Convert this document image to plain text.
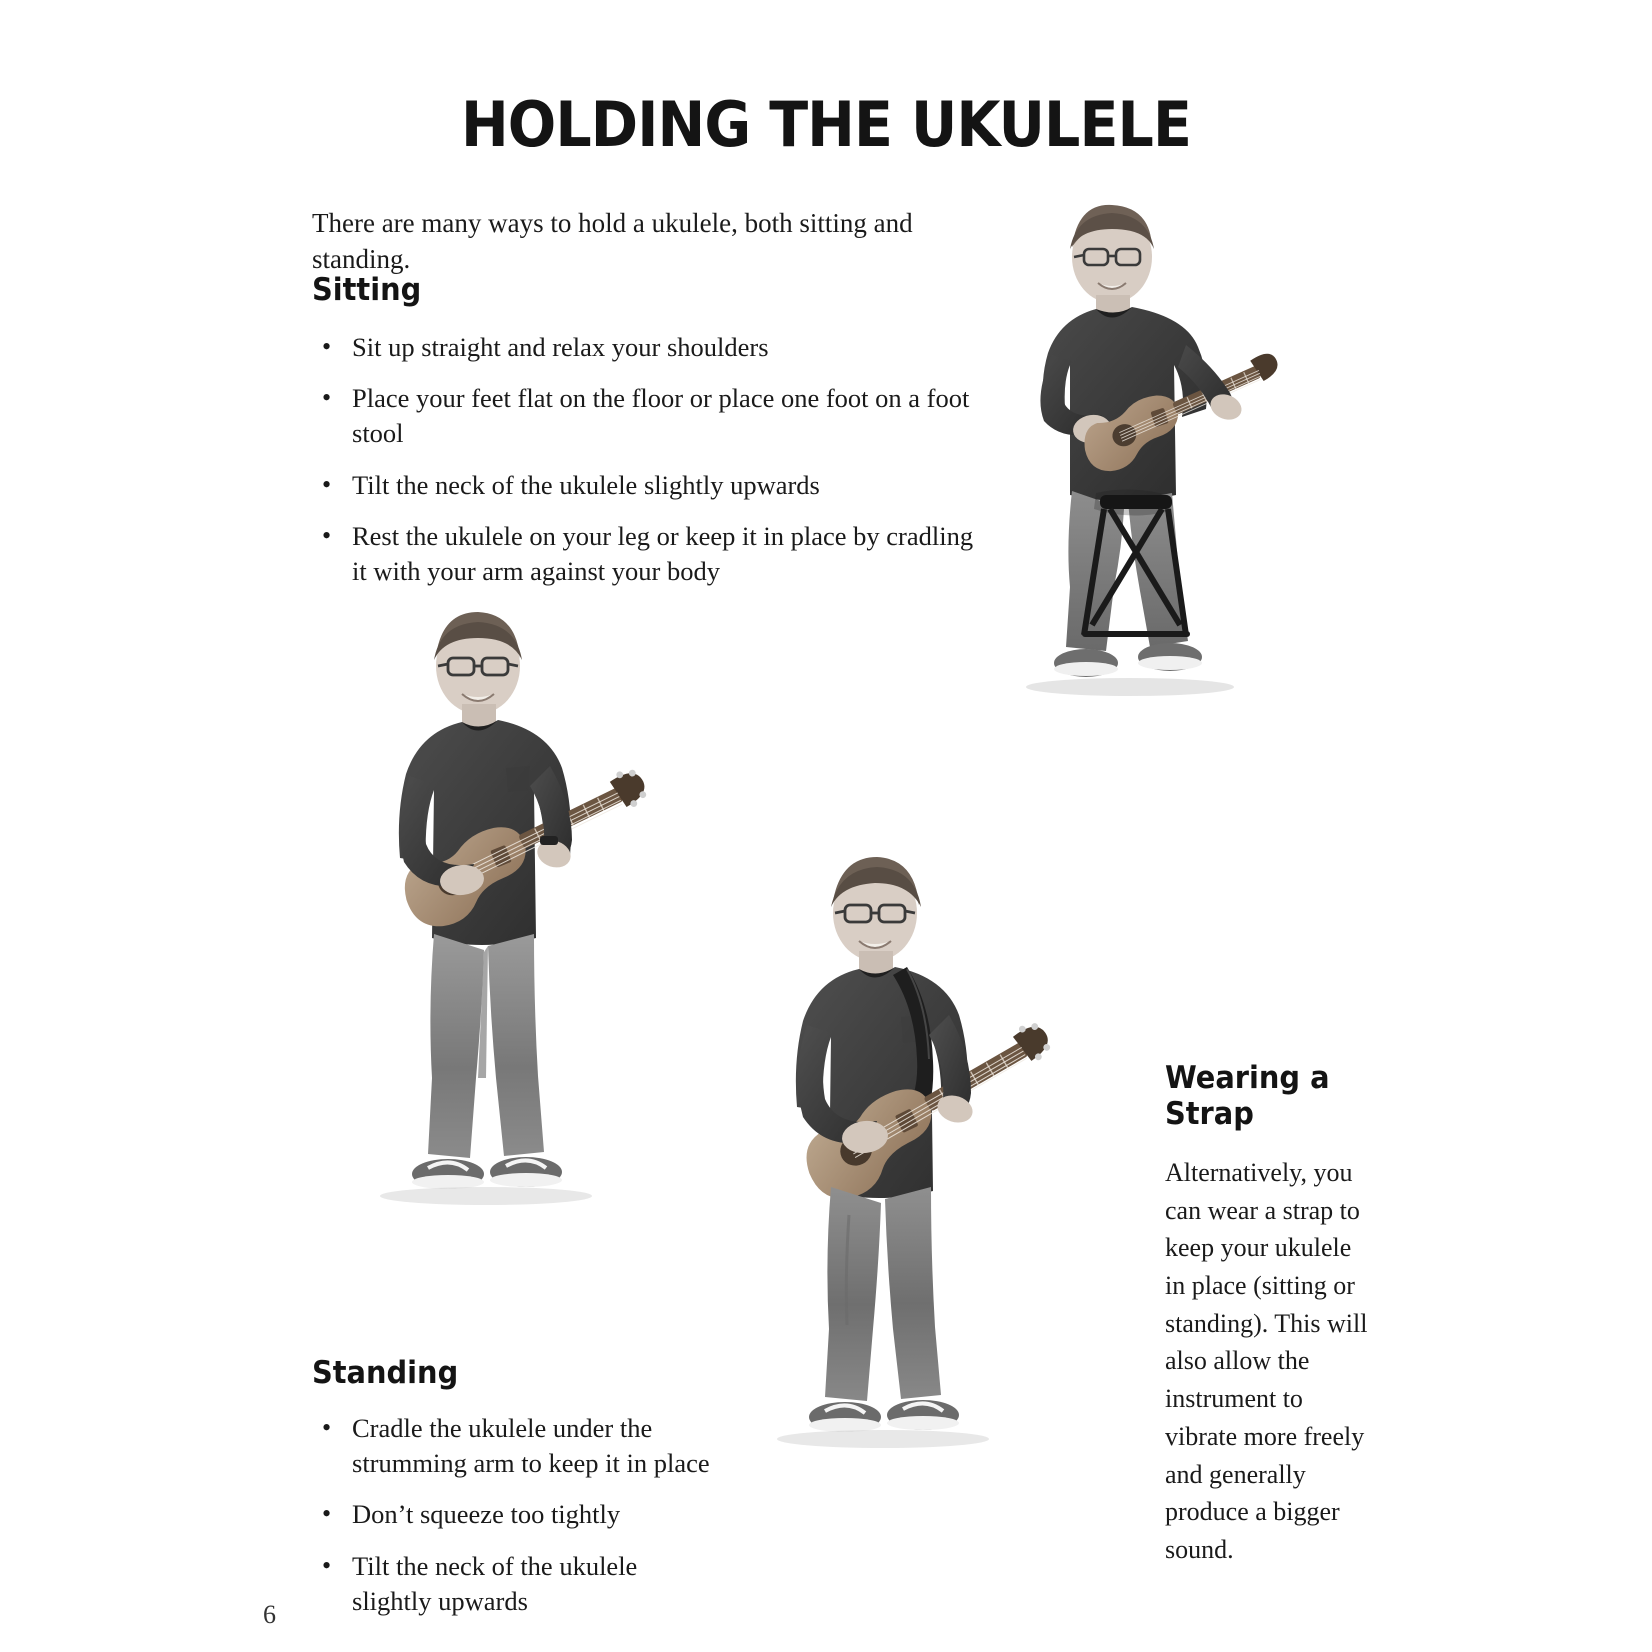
HOLDING THE UKULELE
There are many ways to hold a ukulele, both sitting and standing.
Sitting
• Sit up straight and relax your shoulders
• Place your feet flat on the floor or place one foot on a foot stool
• Tilt the neck of the ukulele slightly upwards
• Rest the ukulele on your leg or keep it in place by cradling it with your arm against your body
Standing
• Cradle the ukulele under the strumming arm to keep it in place
• Don’t squeeze too tightly
• Tilt the neck of the ukulele slightly upwards
Wearing a Strap
Alternatively, you can wear a strap to keep your ukulele in place (sitting or standing). This will also allow the instrument to vibrate more freely and generally produce a bigger sound.
6
